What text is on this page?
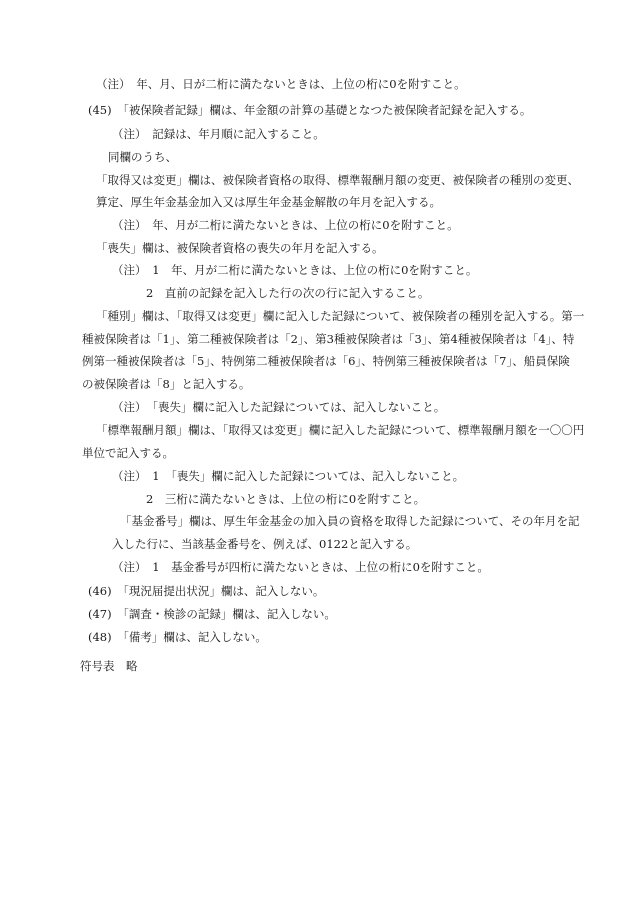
（注）　年、月、日が二桁に満たないときは、上位の桁に0を附すこと。
(45)　「被保険者記録」欄は、年金額の計算の基礎となつた被保険者記録を記入する。
（注）　記録は、年月順に記入すること。
同欄のうち、
「取得又は変更」欄は、被保険者資格の取得、標準報酬月額の変更、被保険者の種別の変更、
算定、厚生年金基金加入又は厚生年金基金解散の年月を記入する。
（注）　年、月が二桁に満たないときは、上位の桁に0を附すこと。
「喪失」欄は、被保険者資格の喪失の年月を記入する。
（注）　1　年、月が二桁に満たないときは、上位の桁に0を附すこと。
2　直前の記録を記入した行の次の行に記入すること。
「種別」欄は、「取得又は変更」欄に記入した記録について、被保険者の種別を記入する。第一
種被保険者は「1」、第二種被保険者は「2」、第3種被保険者は「3」、第4種被保険者は「4」、特
例第一種被保険者は「5」、特例第二種被保険者は「6」、特例第三種被保険者は「7」、船員保険
の被保険者は「8」と記入する。
（注）　「喪失」欄に記入した記録については、記入しないこと。
「標準報酬月額」欄は、「取得又は変更」欄に記入した記録について、標準報酬月額を一〇〇円
単位で記入する。
（注）　1　「喪失」欄に記入した記録については、記入しないこと。
2　三桁に満たないときは、上位の桁に0を附すこと。
「基金番号」欄は、厚生年金基金の加入員の資格を取得した記録について、その年月を記
入した行に、当該基金番号を、例えば、0122と記入する。
（注）　1　基金番号が四桁に満たないときは、上位の桁に0を附すこと。
(46)　「現況届提出状況」欄は、記入しない。
(47)　「調査・検診の記録」欄は、記入しない。
(48)　「備考」欄は、記入しない。
符号表　略
